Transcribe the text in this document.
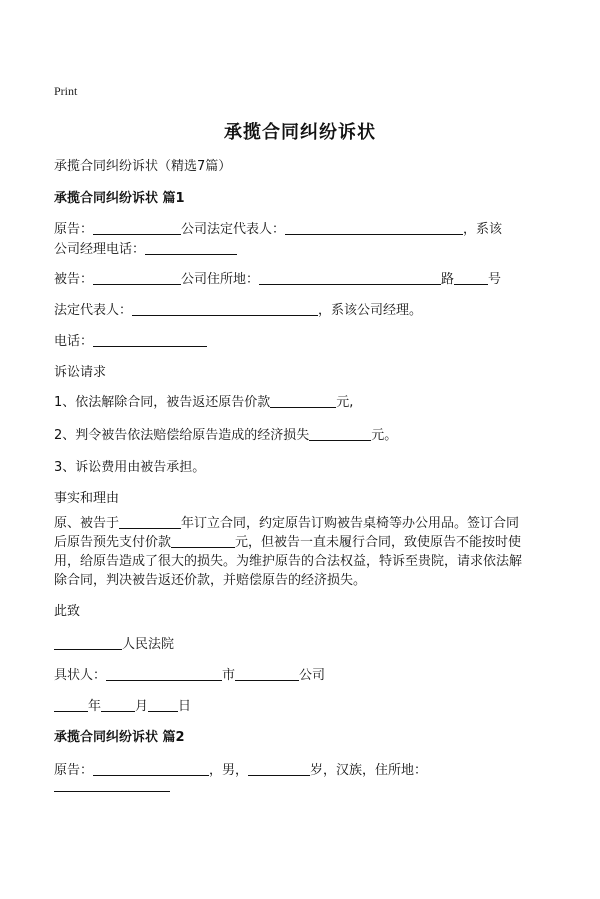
Print
承揽合同纠纷诉状
承揽合同纠纷诉状（精选7篇）
承揽合同纠纷诉状 篇1
原告：	公司法定代表人：	，系该
公司经理电话：
被告：	公司住所地：	路	号
法定代表人：	，系该公司经理。
电话：
诉讼请求
1、依法解除合同，被告返还原告价款	元,
2、判令被告依法赔偿给原告造成的经济损失	元。
3、诉讼费用由被告承担。
事实和理由
原、被告于	年订立合同，约定原告订购被告桌椅等办公用品。签订合同
后原告预先支付价款	元，但被告一直未履行合同，致使原告不能按时使
用，给原告造成了很大的损失。为维护原告的合法权益，特诉至贵院，请求依法解
除合同，判决被告返还价款，并赔偿原告的经济损失。
此致
人民法院
具状人：	市	公司
年	月 日
承揽合同纠纷诉状 篇2
原告：	，男，	岁，汉族，住所地：
